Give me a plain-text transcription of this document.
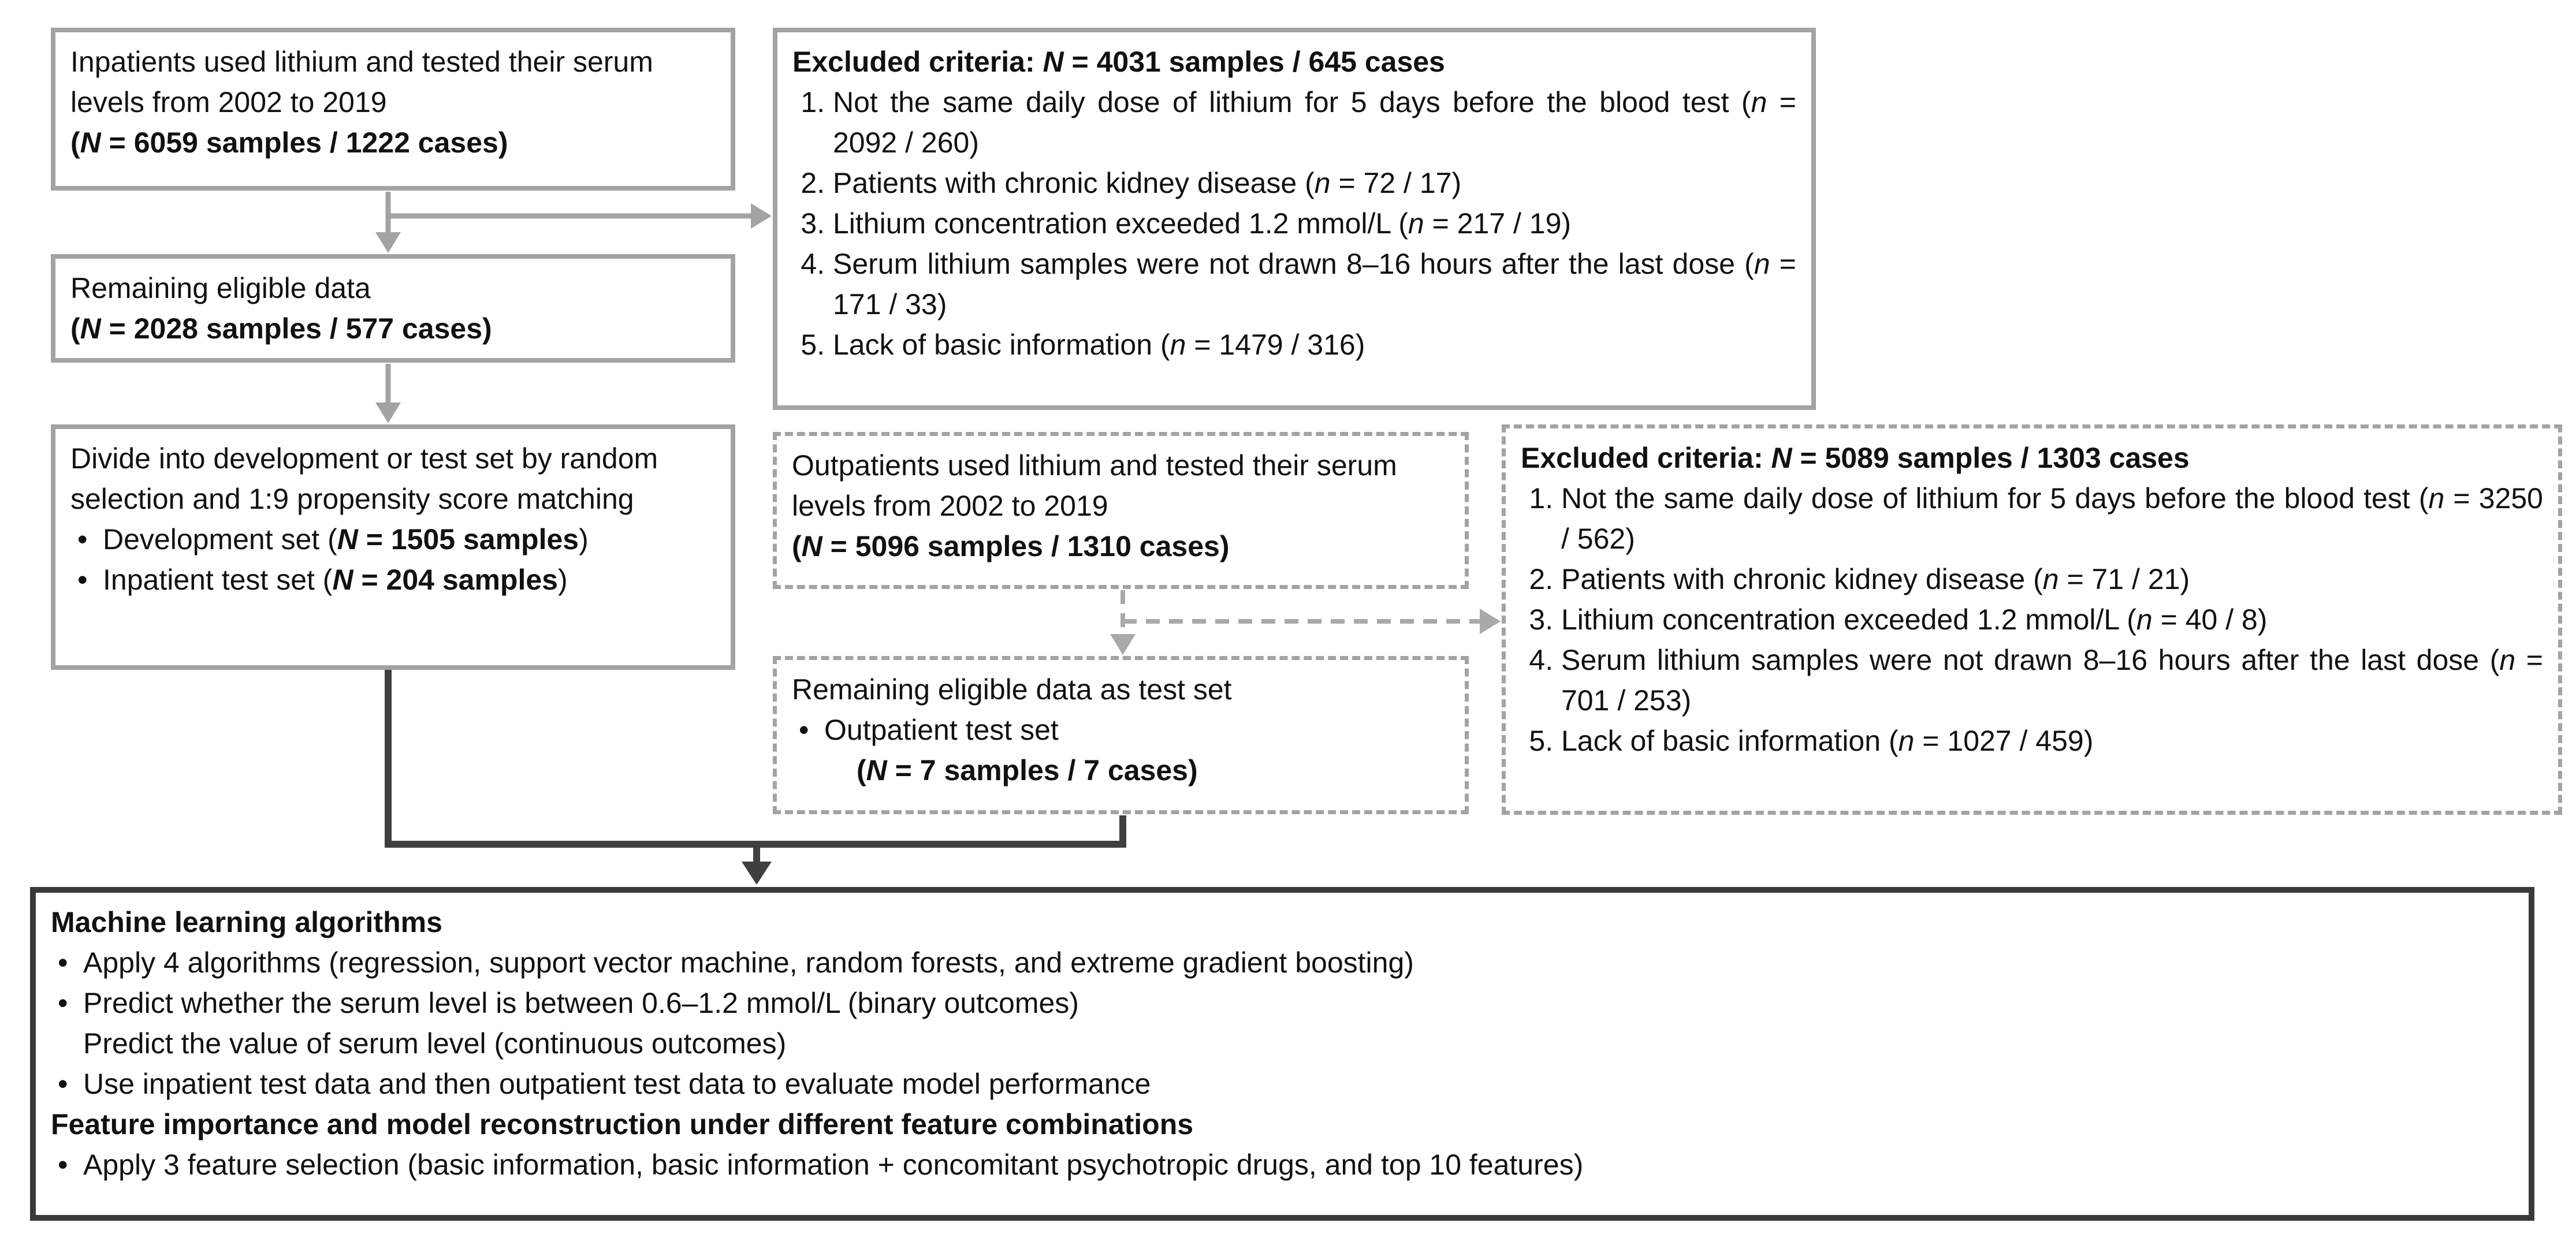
Inpatients used lithium and tested their serum levels from 2002 to 2019
(N = 6059 samples / 1222 cases)
Excluded criteria: N = 4031 samples / 645 cases
1. Not the same daily dose of lithium for 5 days before the blood test (n = 2092 / 260)
2. Patients with chronic kidney disease (n = 72 / 17)
3. Lithium concentration exceeded 1.2 mmol/L (n = 217 / 19)
4. Serum lithium samples were not drawn 8–16 hours after the last dose (n = 171 / 33)
5. Lack of basic information (n = 1479 / 316)
Remaining eligible data
(N = 2028 samples / 577 cases)
Divide into development or test set by random selection and 1:9 propensity score matching
• Development set (N = 1505 samples)
• Inpatient test set (N = 204 samples)
Outpatients used lithium and tested their serum levels from 2002 to 2019
(N = 5096 samples / 1310 cases)
Excluded criteria: N = 5089 samples / 1303 cases
1. Not the same daily dose of lithium for 5 days before the blood test (n = 3250 / 562)
2. Patients with chronic kidney disease (n = 71 / 21)
3. Lithium concentration exceeded 1.2 mmol/L (n = 40 / 8)
4. Serum lithium samples were not drawn 8–16 hours after the last dose (n = 701 / 253)
5. Lack of basic information (n = 1027 / 459)
Remaining eligible data as test set
• Outpatient test set
(N = 7 samples / 7 cases)
Machine learning algorithms
• Apply 4 algorithms (regression, support vector machine, random forests, and extreme gradient boosting)
• Predict whether the serum level is between 0.6–1.2 mmol/L (binary outcomes)
Predict the value of serum level (continuous outcomes)
• Use inpatient test data and then outpatient test data to evaluate model performance
Feature importance and model reconstruction under different feature combinations
• Apply 3 feature selection (basic information, basic information + concomitant psychotropic drugs, and top 10 features)
